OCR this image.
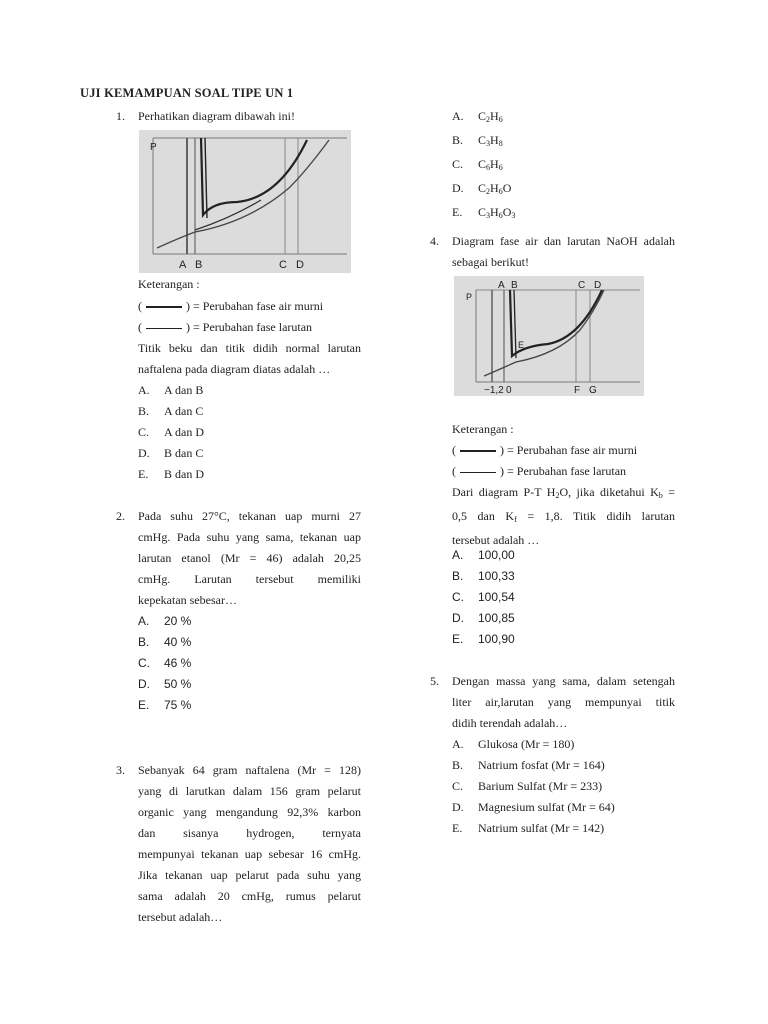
UJI KEMAMPUAN SOAL TIPE UN 1
1. Perhatikan diagram dibawah ini!
P
A B	C D
Keterangan :
(	) = Perubahan fase air murni
(	) = Perubahan fase larutan
Titik beku dan titik didih normal larutan
naftalena pada diagram diatas adalah …
A. A dan B
B. A dan C
C. A dan D
D. B dan C
E. B dan D
2. Pada suhu 27°C, tekanan uap murni 27
cmHg. Pada suhu yang sama, tekanan uap
larutan etanol (Mr = 46) adalah 20,25
cmHg. Larutan tersebut memiliki
kepekatan sebesar…
A. 20 %
B. 40 %
C. 46 %
D. 50 %
E. 75 %
3. Sebanyak 64 gram naftalena (Mr = 128)
yang di larutkan dalam 156 gram pelarut
organic yang mengandung 92,3% karbon
dan sisanya hydrogen, ternyata
mempunyai tekanan uap sebesar 16 cmHg.
Jika tekanan uap pelarut pada suhu yang
sama adalah 20 cmHg, rumus pelarut
tersebut adalah…
A. $C_2H_6$
B. $C_3H_8$
C. $C_6H_6$
D. $C_2H_6O$
E. $C_3H_6O_3$
4. Diagram fase air dan larutan NaOH adalah
sebagai berikut!
P
A B	C D
E
−1,2 0	F G
Keterangan :
(	) = Perubahan fase air murni
(	) = Perubahan fase larutan
Dari diagram P-T $H_2O$, jika diketahui $K_b$ =
0,5 dan $K_f = 1,8$. Titik didih larutan
tersebut adalah …
A. 100,00
B. 100,33
C. 100,54
D. 100,85
E. 100,90
5. Dengan massa yang sama, dalam setengah
liter air,larutan yang mempunyai titik
didih terendah adalah…
A. Glukosa (Mr = 180)
B. Natrium fosfat (Mr = 164)
C. Barium Sulfat (Mr = 233)
D. Magnesium sulfat (Mr = 64)
E. Natrium sulfat (Mr = 142)
